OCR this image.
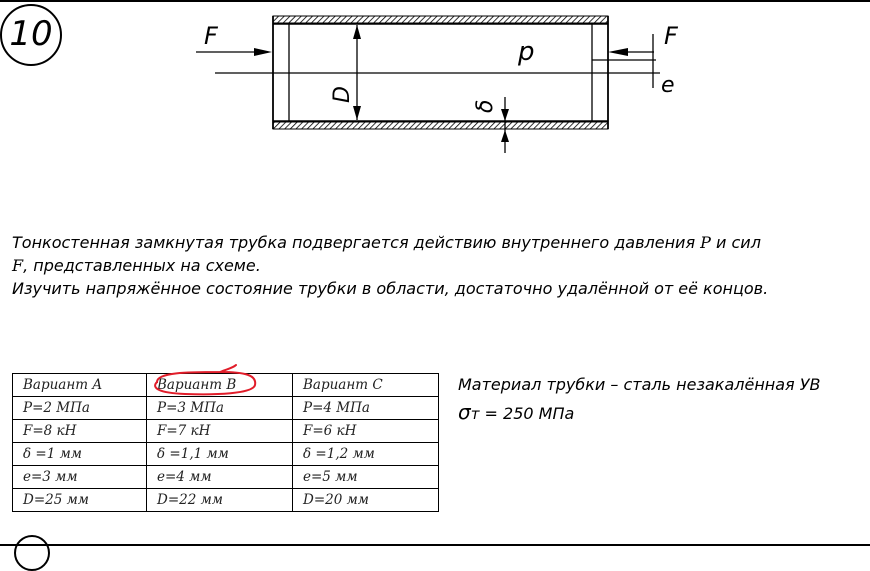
10	F	F
e
p
D
δ
Тонкостенная замкнутая трубка подвергается действию внутреннего давления P и сил
F, представленных на схеме.
Изучить напряжённое состояние трубки в области, достаточно удалённой от её концов.
Вариант A	Вариант B	Вариант C
P=2 МПа	P=3 МПа	P=4 МПа
F=8 кН	F=7 кН	F=6 кН
δ =1 мм	δ =1,1 мм	δ =1,2 мм
e=3 мм	e=4 мм	e=5 мм
D=25 мм	D=22 мм	D=20 мм
Материал трубки – сталь незакалённая УВ
σт = 250 МПа
